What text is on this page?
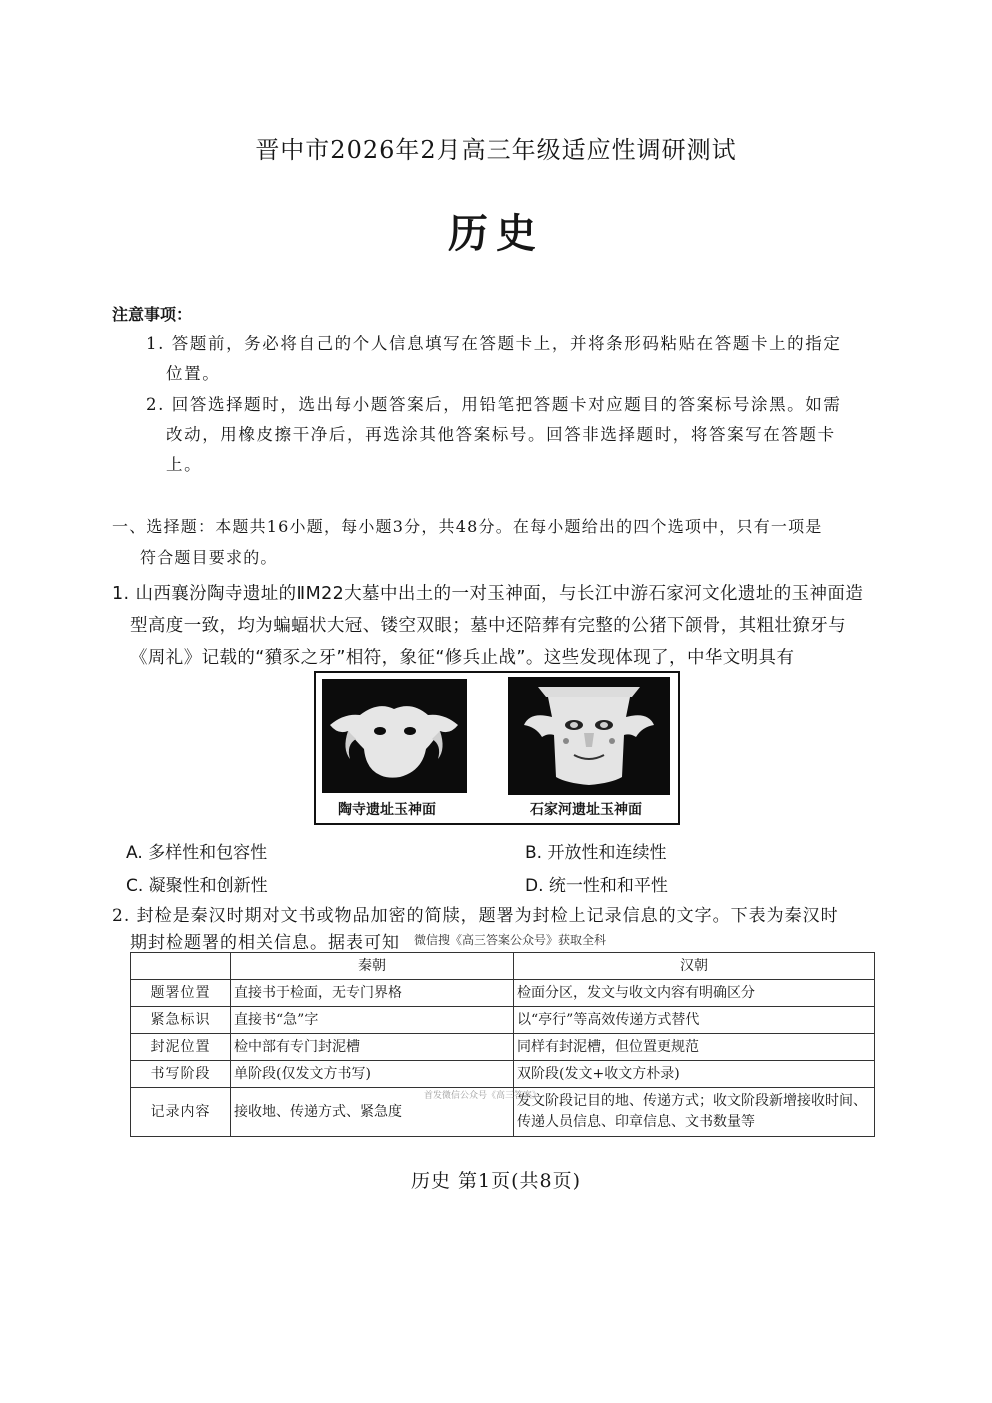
晋中市2026年2月高三年级适应性调研测试
历史
注意事项：
1. 答题前，务必将自己的个人信息填写在答题卡上，并将条形码粘贴在答题卡上的指定
位置。
2. 回答选择题时，选出每小题答案后，用铅笔把答题卡对应题目的答案标号涂黑。如需
改动，用橡皮擦干净后，再选涂其他答案标号。回答非选择题时，将答案写在答题卡
上。
一、选择题：本题共16小题，每小题3分，共48分。在每小题给出的四个选项中，只有一项是
符合题目要求的。
1. 山西襄汾陶寺遗址的ⅡM22大墓中出土的一对玉神面，与长江中游石家河文化遗址的玉神面造
型高度一致，均为蝙蝠状大冠、镂空双眼；墓中还陪葬有完整的公猪下颌骨，其粗壮獠牙与
《周礼》记载的“豶豕之牙”相符，象征“修兵止战”。这些发现体现了，中华文明具有
陶寺遗址玉神面	石家河遗址玉神面
A. 多样性和包容性	B. 开放性和连续性
C. 凝聚性和创新性	D. 统一性和和平性
2. 封检是秦汉时期对文书或物品加密的简牍，题署为封检上记录信息的文字。下表为秦汉时
期封检题署的相关信息。据表可知 微信搜《高三答案公众号》获取全科
	秦朝	汉朝
题署位置	直接书于检面，无专门界格	检面分区，发文与收文内容有明确区分
紧急标识	直接书“急”字	以“亭行”等高效传递方式替代
封泥位置	检中部有专门封泥槽	同样有封泥槽，但位置更规范
书写阶段	单阶段(仅发文方书写)	双阶段(发文+收文方朴录)
记录内容	接收地、传递方式、紧急度	发文阶段记目的地、传递方式；收文阶段新增接收时间、传递人员信息、印章信息、文书数量等
首发微信公众号《高三答案》
历史 第1页(共8页)
